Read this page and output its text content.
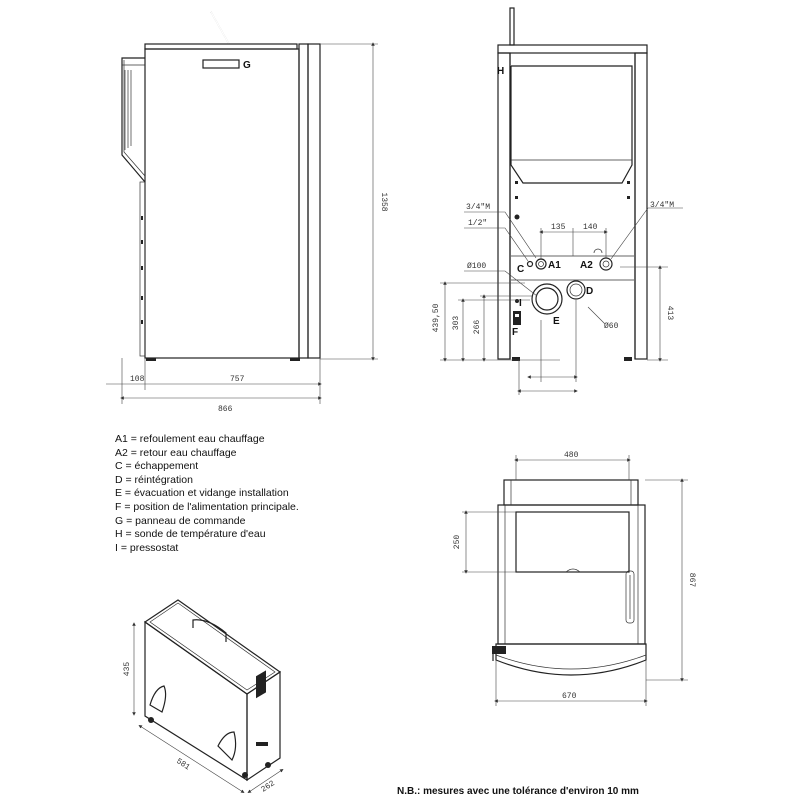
1358
108	757
866
135 140
3/4"M
1/2"
3/4"M
Ø100
Ø60
439,50 303 266
413
G
H
C A1 A2
D
E
I
F
480
250
867
670
435
581
262
A1 = refoulement eau chauffage
A2 = retour eau chauffage
C = échappement
D = réintégration
E = évacuation et vidange installation
F = position de l'alimentation principale.
G = panneau de commande
H = sonde de température d'eau
I = pressostat
N.B.: mesures avec une tolérance d'environ 10 mm
